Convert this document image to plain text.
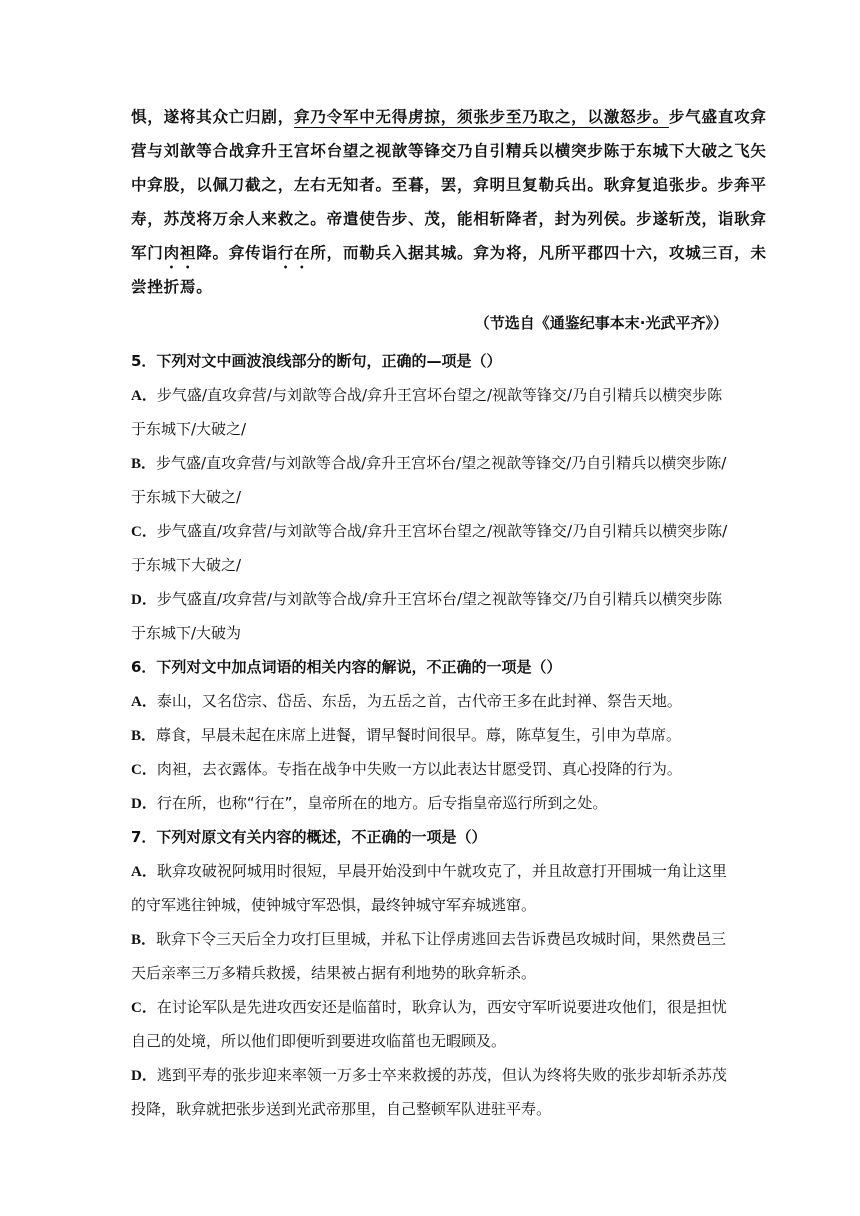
惧，遂将其众亡归剧，弇乃令军中无得虏掠，须张步至乃取之，以激怒步。步气盛直攻弇
营与刘歆等合战弇升王宫坏台望之视歆等锋交乃自引精兵以横突步陈于东城下大破之飞矢
中弇股，以佩刀截之，左右无知者。至暮，罢，弇明旦复勒兵出。耿弇复追张步。步奔平
寿，苏茂将万余人来救之。帝遣使告步、茂，能相斩降者，封为列侯。步遂斩茂，诣耿弇
军门肉袒降。弇传诣行在所，而勒兵入据其城。弇为将，凡所平郡四十六，攻城三百，未
尝挫折焉。
（节选自《通鉴纪事本末·光武平齐》）
5．下列对文中画波浪线部分的断句，正确的—项是（）
A．步气盛/直攻弇营/与刘歆等合战/弇升王宫坏台望之/视歆等锋交/乃自引精兵以横突步陈
于东城下/大破之/
B．步气盛/直攻弇营/与刘歆等合战/弇升王宫坏台/望之视歆等锋交/乃自引精兵以横突步陈/
于东城下大破之/
C．步气盛直/攻弇营/与刘歆等合战/弇升王宫坏台望之/视歆等锋交/乃自引精兵以横突步陈/
于东城下大破之/
D．步气盛直/攻弇营/与刘歆等合战/弇升王宫坏台/望之视歆等锋交/乃自引精兵以横突步陈
于东城下/大破为
6．下列对文中加点词语的相关内容的解说，不正确的一项是（）
A．泰山，又名岱宗、岱岳、东岳，为五岳之首，古代帝王多在此封禅、祭告天地。
B．蓐食，早晨未起在床席上进餐，谓早餐时间很早。蓐，陈草复生，引申为草席。
C．肉袒，去衣露体。专指在战争中失败一方以此表达甘愿受罚、真心投降的行为。
D．行在所，也称“行在”，皇帝所在的地方。后专指皇帝巡行所到之处。
7．下列对原文有关内容的概述，不正确的一项是（）
A．耿弇攻破祝阿城用时很短，早晨开始没到中午就攻克了，并且故意打开围城一角让这里
的守军逃往钟城，使钟城守军恐惧，最终钟城守军弃城逃窜。
B．耿弇下令三天后全力攻打巨里城，并私下让俘虏逃回去告诉费邑攻城时间，果然费邑三
天后亲率三万多精兵救援，结果被占据有利地势的耿弇斩杀。
C．在讨论军队是先进攻西安还是临菑时，耿弇认为，西安守军听说要进攻他们，很是担忧
自己的处境，所以他们即便听到要进攻临菑也无暇顾及。
D．逃到平寿的张步迎来率领一万多士卒来救援的苏茂，但认为终将失败的张步却斩杀苏茂
投降，耿弇就把张步送到光武帝那里，自己整顿军队进驻平寿。
